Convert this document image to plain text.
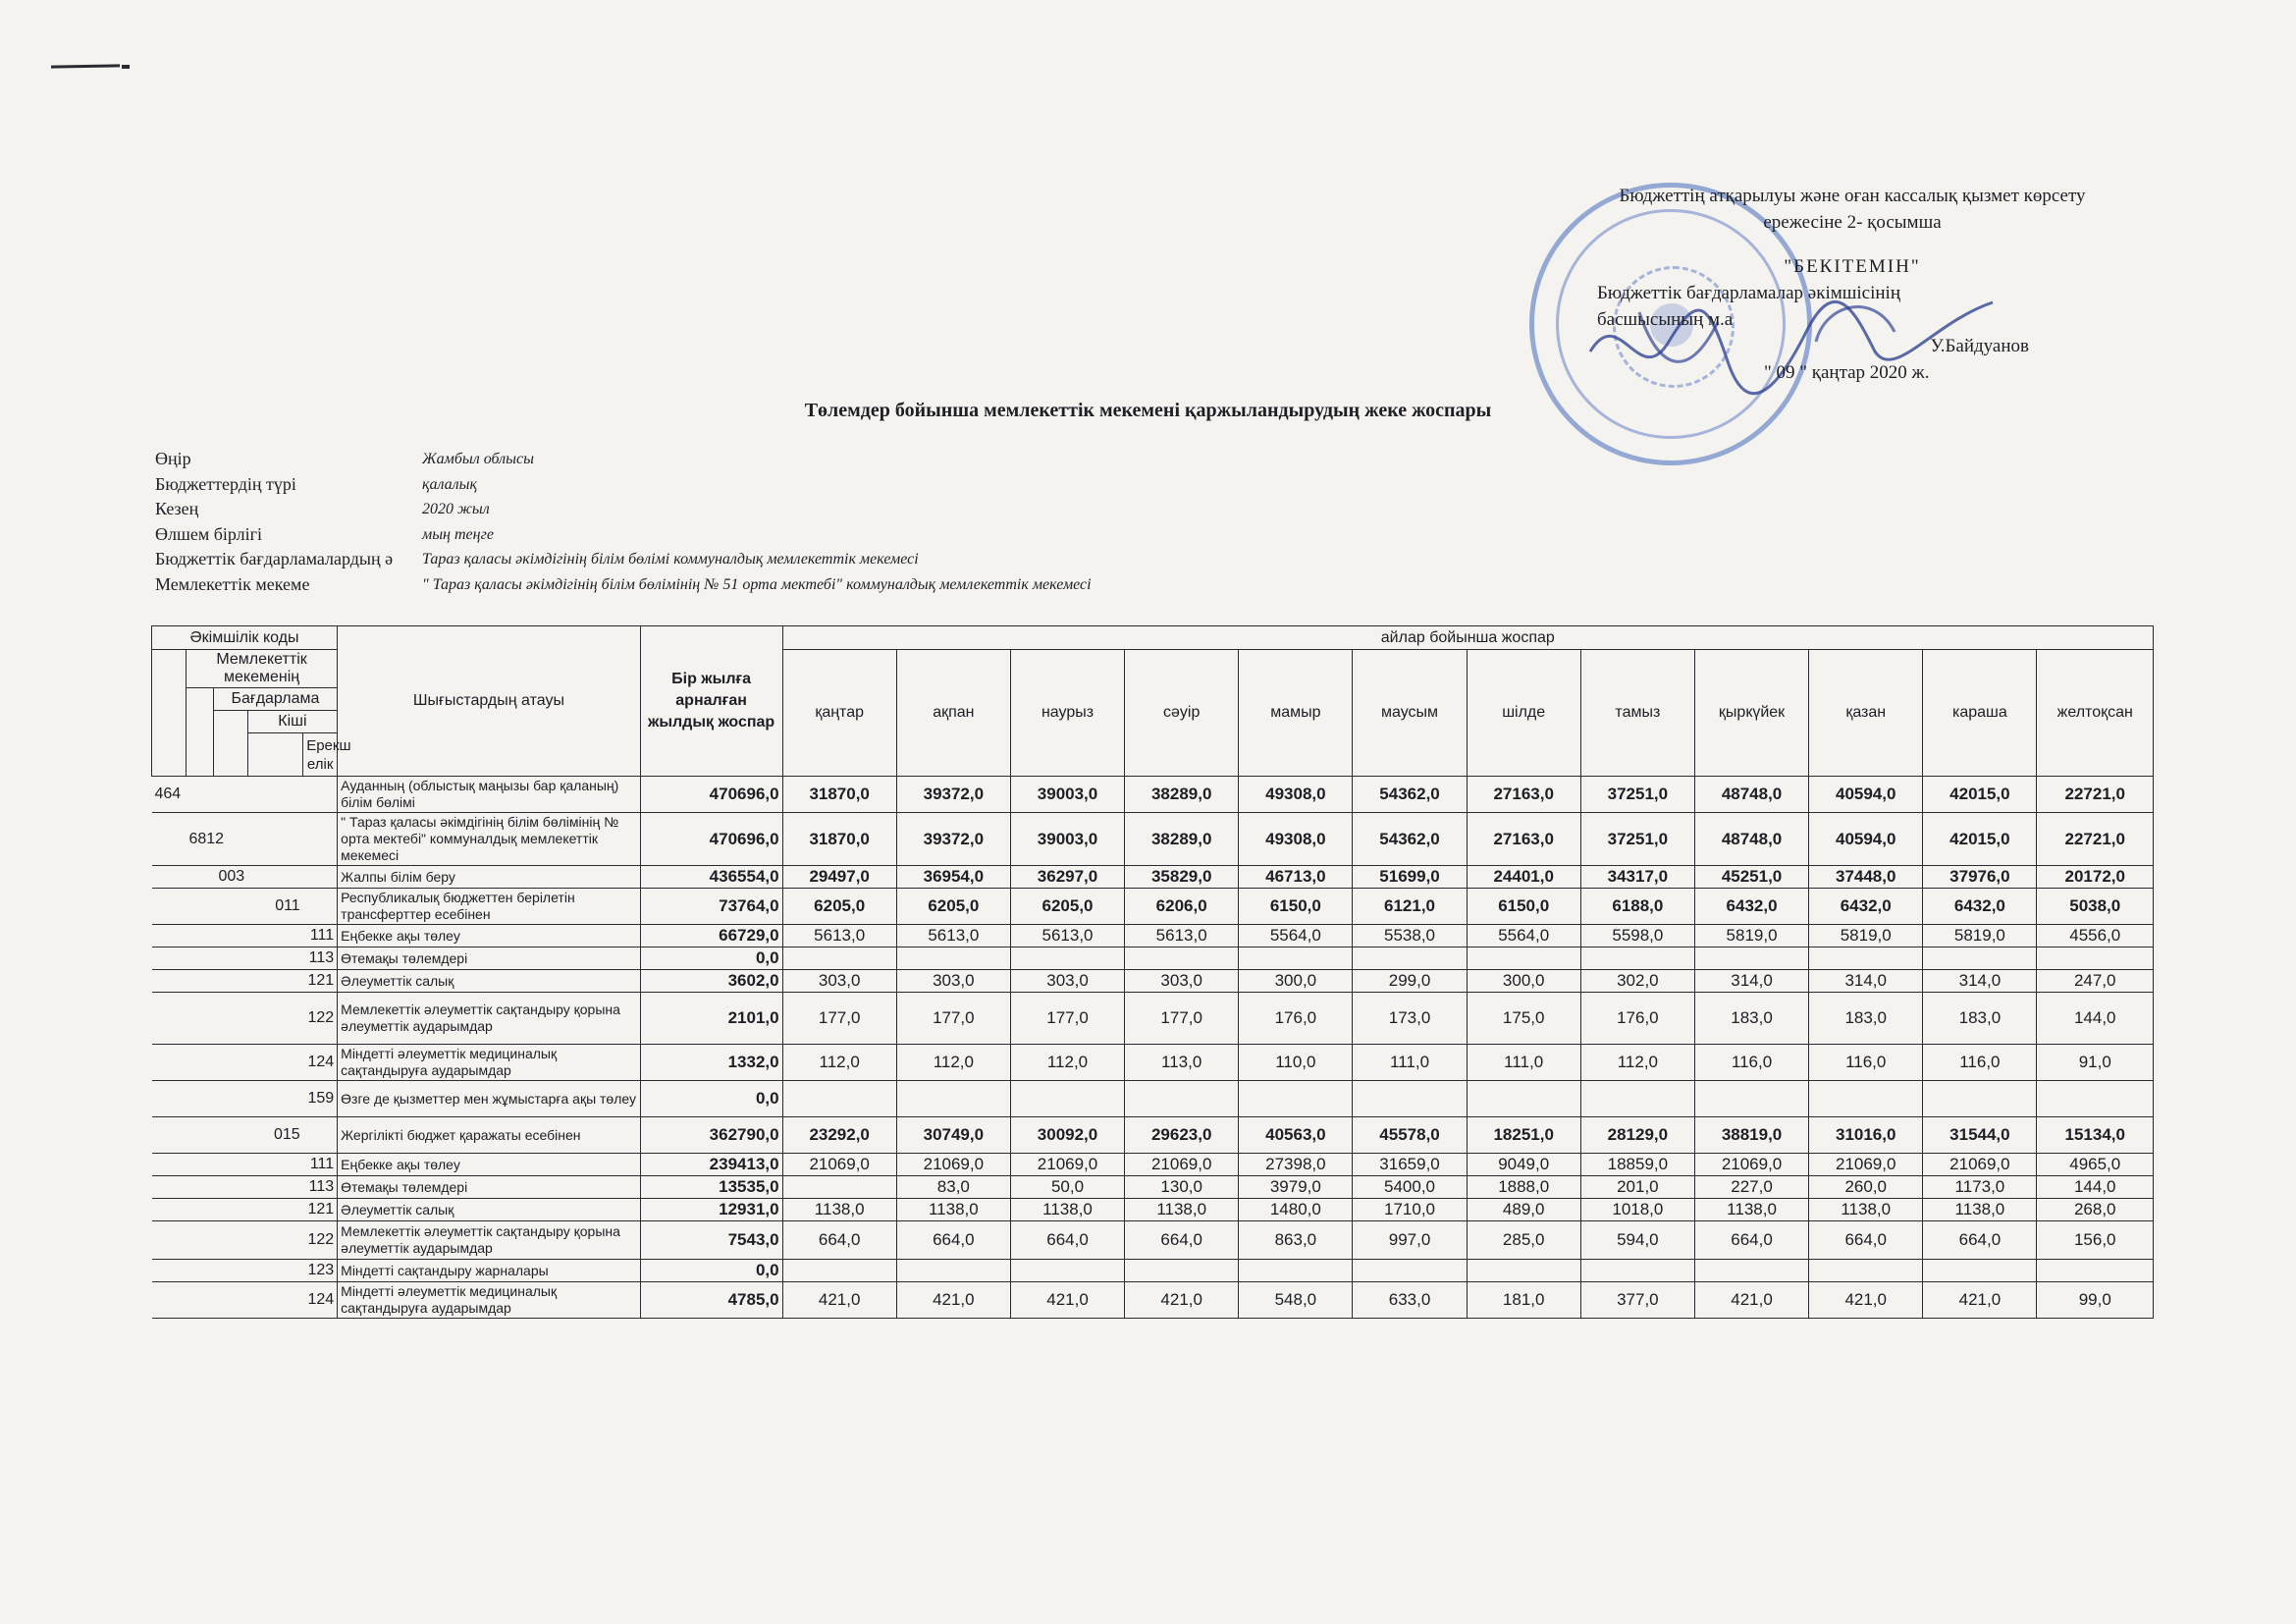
Бюджеттің атқарылуы және оған кассалық қызмет көрсету
ережесіне 2- қосымша
"БЕКІТЕМІН"
Бюджеттік бағдарламалар әкімшісінің
басшысының м.а
У.Байдуанов
" 09 " қаңтар 2020 ж.
Төлемдер бойынша мемлекеттік мекемені қаржыландырудың жеке жоспары
Өңір	Жамбыл облысы
Бюджеттердің түрі	қалалық
Кезең	2020 жыл
Өлшем бірлігі	мың теңге
Бюджеттік бағдарламалардың ә	Тараз қаласы әкімдігінің білім бөлімі коммуналдық мемлекеттік мекемесі
Мемлекеттік мекеме	" Тараз қаласы әкімдігінің білім бөлімінің № 51 орта мектебі" коммуналдық мемлекеттік мекемесі
Әкімшілік коды					Шығыстардың атауы	Бір жылға арналған жылдық жоспар	айлар бойынша жоспар											
	Мемлекеттік мекеменің						қаңтар	ақпан	наурыз	сәуір	мамыр	маусым	шілде	тамыз	қыркүйек	қазан	караша	желтоқсан
		Бағдарлама																
			Кіші															
				Ерекш елік														
464					Ауданның (облыстық маңызы бар қаланың) білім бөлімі	470696,0	31870,0	39372,0	39003,0	38289,0	49308,0	54362,0	27163,0	37251,0	48748,0	40594,0	42015,0	22721,0
	6812				" Тараз қаласы әкімдігінің білім бөлімінің № орта мектебі" коммуналдық мемлекеттік мекемесі	470696,0	31870,0	39372,0	39003,0	38289,0	49308,0	54362,0	27163,0	37251,0	48748,0	40594,0	42015,0	22721,0
		003			Жалпы білім беру	436554,0	29497,0	36954,0	36297,0	35829,0	46713,0	51699,0	24401,0	34317,0	45251,0	37448,0	37976,0	20172,0
			011		Республикалық бюджеттен берілетін трансферттер есебінен	73764,0	6205,0	6205,0	6205,0	6206,0	6150,0	6121,0	6150,0	6188,0	6432,0	6432,0	6432,0	5038,0
				111	Еңбекке ақы төлеу	66729,0	5613,0	5613,0	5613,0	5613,0	5564,0	5538,0	5564,0	5598,0	5819,0	5819,0	5819,0	4556,0
				113	Өтемақы төлемдері	0,0												
				121	Әлеуметтік салық	3602,0	303,0	303,0	303,0	303,0	300,0	299,0	300,0	302,0	314,0	314,0	314,0	247,0
				122	Мемлекеттік әлеуметтік сақтандыру қорына әлеуметтік аударымдар	2101,0	177,0	177,0	177,0	177,0	176,0	173,0	175,0	176,0	183,0	183,0	183,0	144,0
				124	Міндетті әлеуметтік медициналық сақтандыруға аударымдар	1332,0	112,0	112,0	112,0	113,0	110,0	111,0	111,0	112,0	116,0	116,0	116,0	91,0
				159	Өзге де қызметтер мен жұмыстарға ақы төлеу	0,0												
			015		Жергілікті бюджет қаражаты есебінен	362790,0	23292,0	30749,0	30092,0	29623,0	40563,0	45578,0	18251,0	28129,0	38819,0	31016,0	31544,0	15134,0
				111	Еңбекке ақы төлеу	239413,0	21069,0	21069,0	21069,0	21069,0	27398,0	31659,0	9049,0	18859,0	21069,0	21069,0	21069,0	4965,0
				113	Өтемақы төлемдері	13535,0		83,0	50,0	130,0	3979,0	5400,0	1888,0	201,0	227,0	260,0	1173,0	144,0
				121	Әлеуметтік салық	12931,0	1138,0	1138,0	1138,0	1138,0	1480,0	1710,0	489,0	1018,0	1138,0	1138,0	1138,0	268,0
				122	Мемлекеттік әлеуметтік сақтандыру қорына әлеуметтік аударымдар	7543,0	664,0	664,0	664,0	664,0	863,0	997,0	285,0	594,0	664,0	664,0	664,0	156,0
				123	Міндетті сақтандыру жарналары	0,0												
				124	Міндетті әлеуметтік медициналық сақтандыруға аударымдар	4785,0	421,0	421,0	421,0	421,0	548,0	633,0	181,0	377,0	421,0	421,0	421,0	99,0
